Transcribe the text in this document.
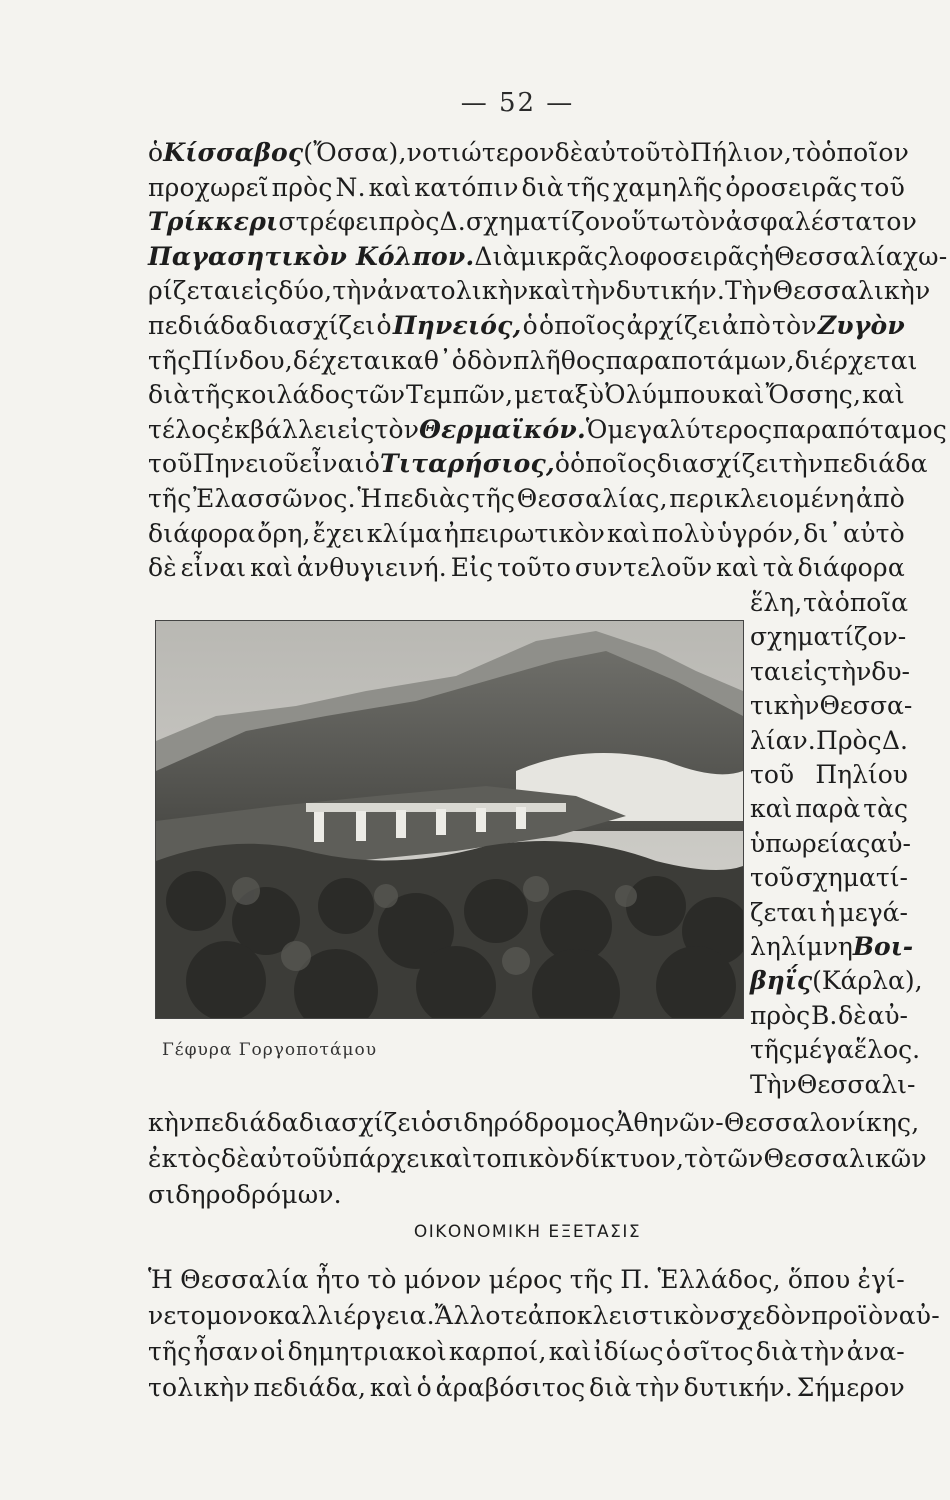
— 52 —
ὁ Κίσσαβος (Ὄσσα), νοτιώτερον δὲ αὐτοῦ τὸ Πήλιον, τὸ ὁποῖον
προχωρεῖ πρὸς Ν. καὶ κατόπιν διὰ τῆς χαμηλῆς ὀροσειρᾶς τοῦ
Τρίκκερι στρέφει πρὸς Δ. σχηματίζον οὕτω τὸν ἀσφαλέστατον
Παγασητικὸν Κόλπον. Διὰ μικρᾶς λοφοσειρᾶς ἡ Θεσσαλία χω-
ρίζεται εἰς δύο, τὴν ἀνατολικὴν καὶ τὴν δυτικήν. Τὴν Θεσσαλικὴν
πεδιάδα διασχίζει ὁ Πηνειός, ὁ ὁποῖος ἀρχίζει ἀπὸ τὸν Ζυγὸν
τῆς Πίνδου, δέχεται καθ᾽ ὁδὸν πλῆθος παραποτάμων, διέρχεται
διὰ τῆς κοιλάδος τῶν Τεμπῶν, μεταξὺ Ὀλύμπου καὶ Ὄσσης, καὶ
τέλος ἐκβάλλει εἰς τὸν Θερμαϊκόν. Ὁ μεγαλύτερος παραπόταμος
τοῦ Πηνειοῦ εἶναι ὁ Τιταρήσιος, ὁ ὁποῖος διασχίζει τὴν πεδιάδα
τῆς Ἐλασσῶνος. Ἡ πεδιὰς τῆς Θεσσαλίας, περικλειομένη ἀπὸ
διάφορα ὄρη, ἔχει κλίμα ἠπειρωτικὸν καὶ πολὺ ὑγρόν, δι᾽ αὐτὸ
δὲ εἶναι καὶ ἀνθυγιεινή. Εἰς τοῦτο συντελοῦν καὶ τὰ διάφορα
ἕλη, τὰ ὁποῖα
σχηματίζον-
ται εἰς τὴν δυ-
τικὴν Θεσσα-
λίαν. Πρὸς Δ.
τοῦ Πηλίου
καὶ παρὰ τὰς
ὑπωρείας αὐ-
τοῦ σχηματί-
ζεται ἡ μεγά-
λη λίμνη Βοι-
βηΐς (Κάρλα),
πρὸς Β. δὲ αὐ-
τῆς μέγα ἕλος.
Τὴν Θεσσαλι-
Γέφυρα Γοργοποτάμου
κὴν πεδιάδα διασχίζει ὁ σιδηρόδρομος Ἀθηνῶν - Θεσσαλονίκης,
ἐκτὸς δὲ αὐτοῦ ὑπάρχει καὶ τοπικὸν δίκτυον, τὸ τῶν Θεσσαλικῶν
σιδηροδρόμων.
ΟΙΚΟΝΟΜΙΚΗ ΕΞΕΤΑΣΙΣ
Ἡ Θεσσαλία ἦτο τὸ μόνον μέρος τῆς Π. Ἑλλάδος, ὅπου ἐγί-
νετο μονοκαλλιέργεια. Ἄλλοτε ἀποκλειστικὸν σχεδὸν προϊὸν αὐ-
τῆς ἦσαν οἱ δημητριακοὶ καρποί, καὶ ἰδίως ὁ σῖτος διὰ τὴν ἀνα-
τολικὴν πεδιάδα, καὶ ὁ ἀραβόσιτος διὰ τὴν δυτικήν. Σήμερον
